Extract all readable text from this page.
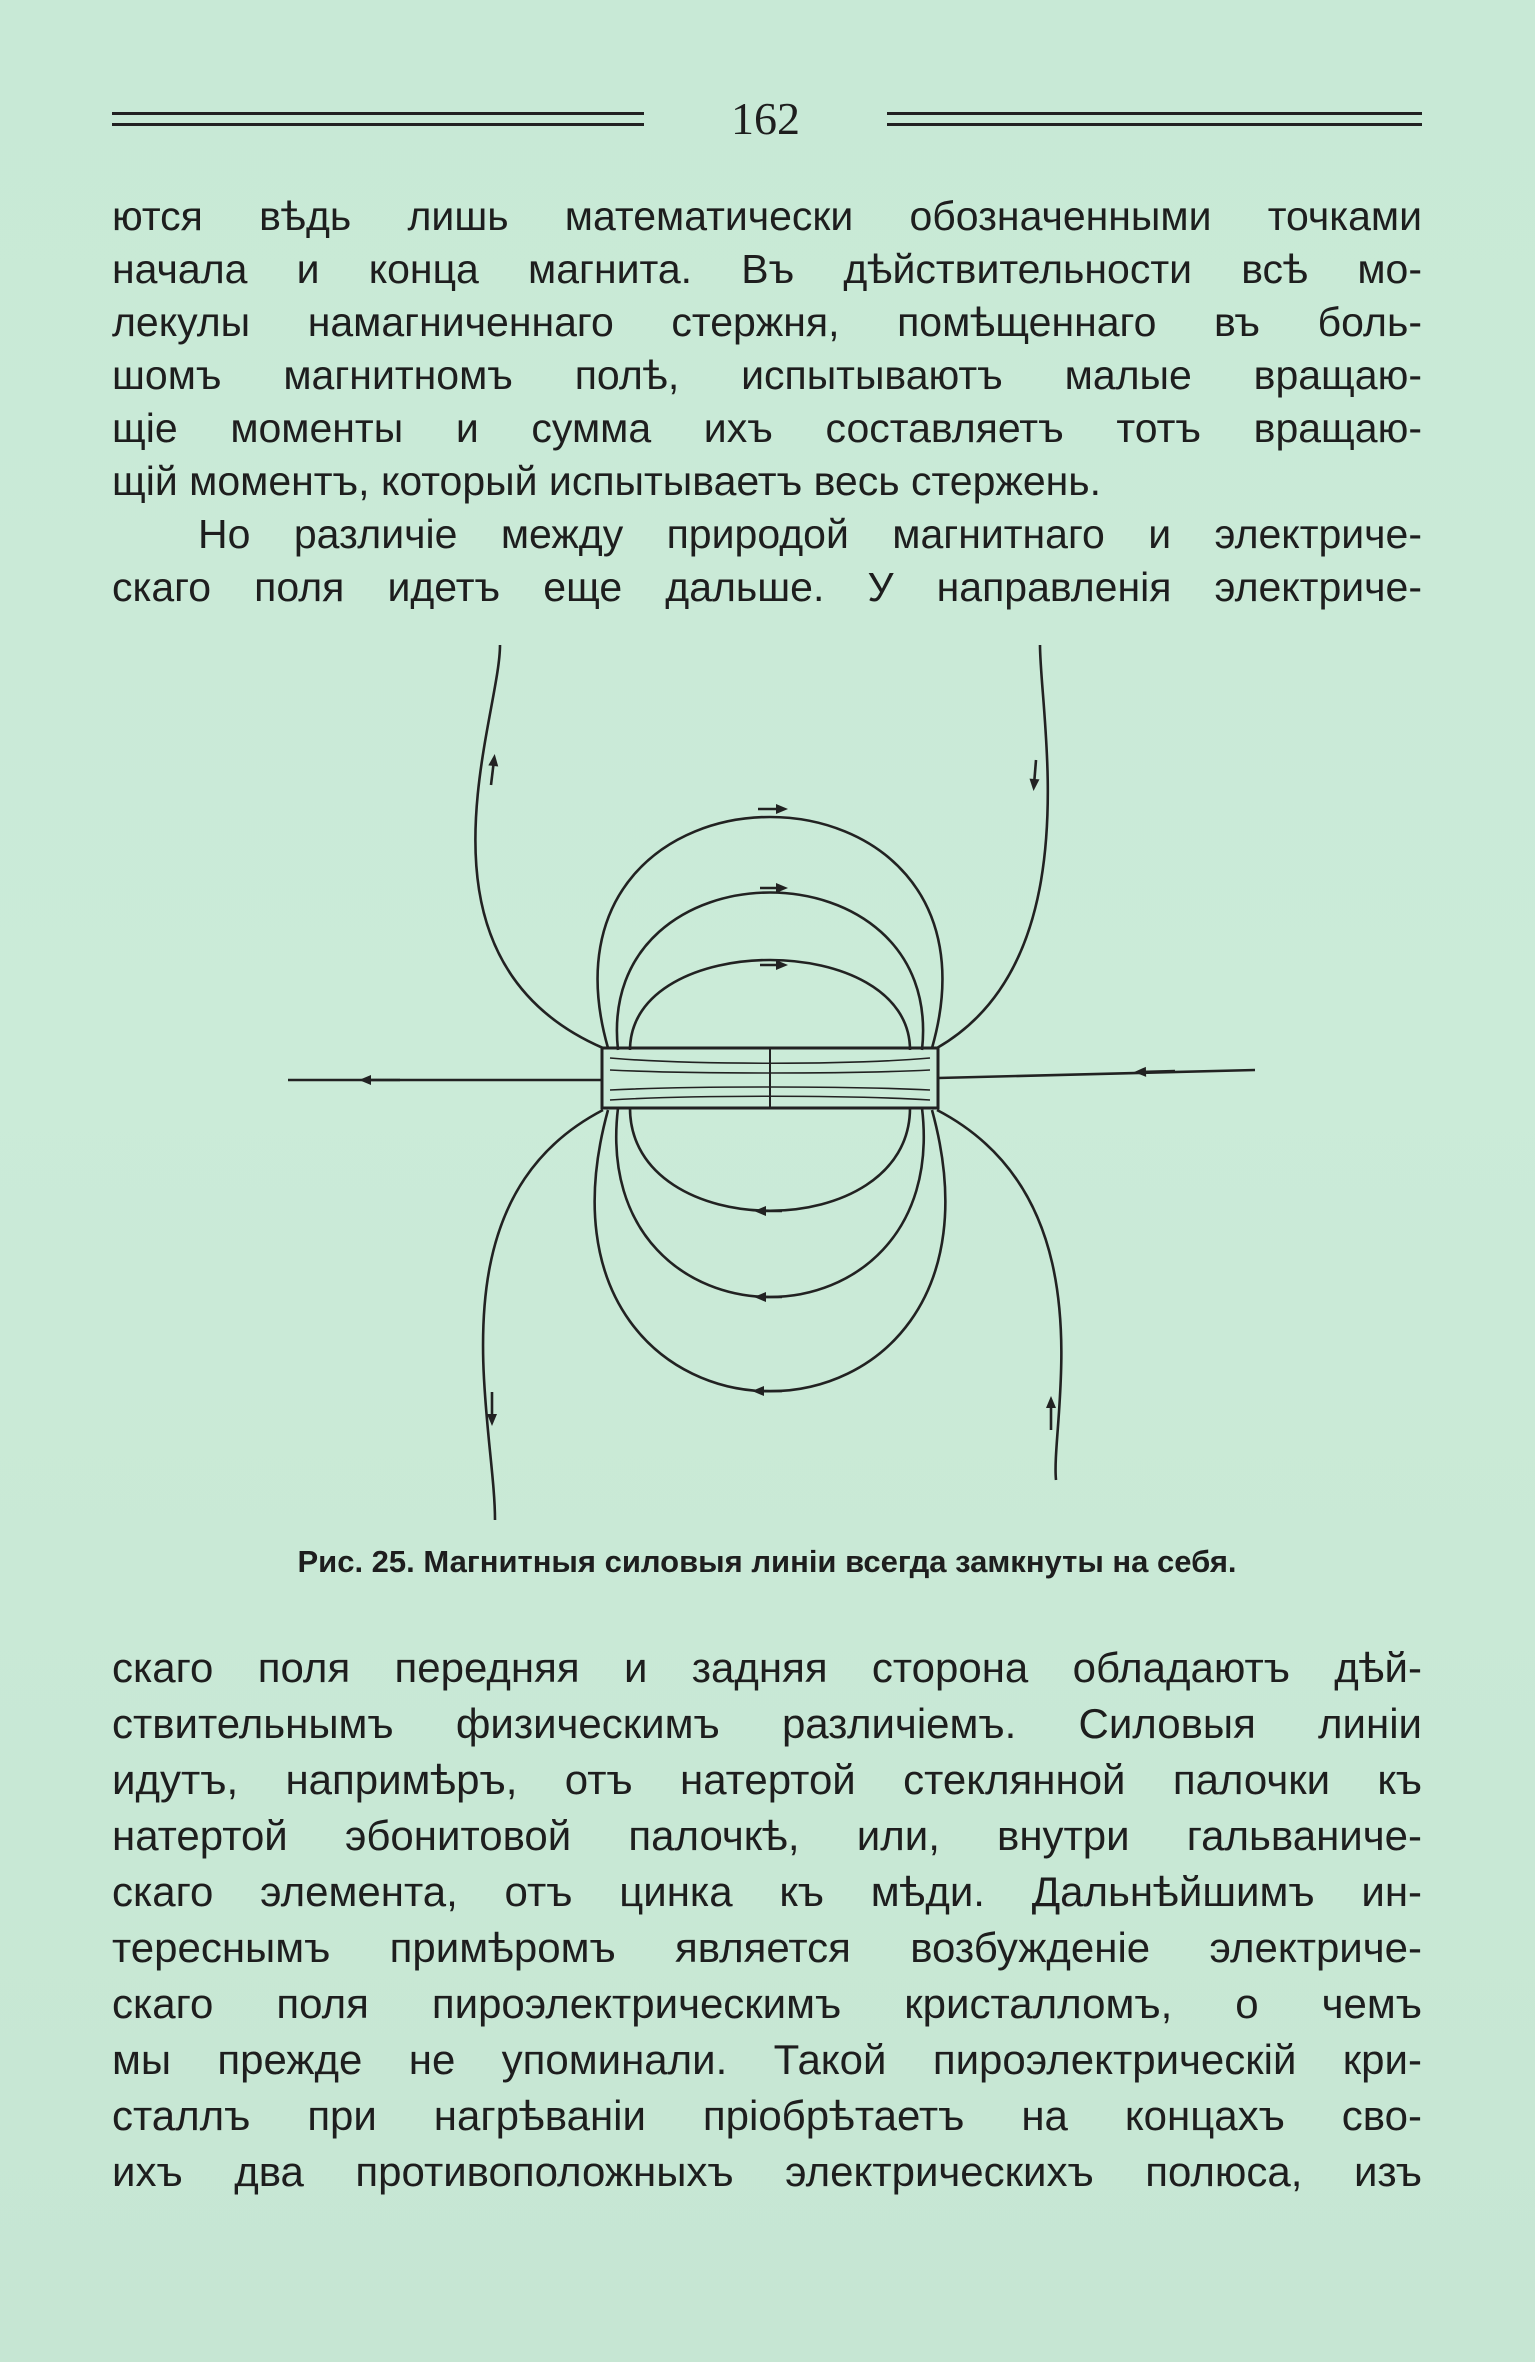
162
ются вѣдь лишь математически обозначенными точками
начала и конца магнита. Въ дѣйствительности всѣ мо-
лекулы намагниченнаго стержня, помѣщеннаго въ боль-
шомъ магнитномъ полѣ, испытываютъ малые вращаю-
щіе моменты и сумма ихъ составляетъ тотъ вращаю-
щій моментъ, который испытываетъ весь стержень.
Но различіе между природой магнитнаго и электриче-
скаго поля идетъ еще дальше. У направленія электриче-
Рис. 25. Магнитныя силовыя линіи всегда замкнуты на себя.
скаго поля передняя и задняя сторона обладаютъ дѣй-
ствительнымъ физическимъ различіемъ. Силовыя линіи
идутъ, напримѣръ, отъ натертой стеклянной палочки къ
натертой эбонитовой палочкѣ, или, внутри гальваниче-
скаго элемента, отъ цинка къ мѣди. Дальнѣйшимъ ин-
тереснымъ примѣромъ является возбужденіе электриче-
скаго поля пироэлектрическимъ кристалломъ, о чемъ
мы прежде не упоминали. Такой пироэлектрическій кри-
сталлъ при нагрѣваніи пріобрѣтаетъ на концахъ сво-
ихъ два противоположныхъ электрическихъ полюса, изъ
